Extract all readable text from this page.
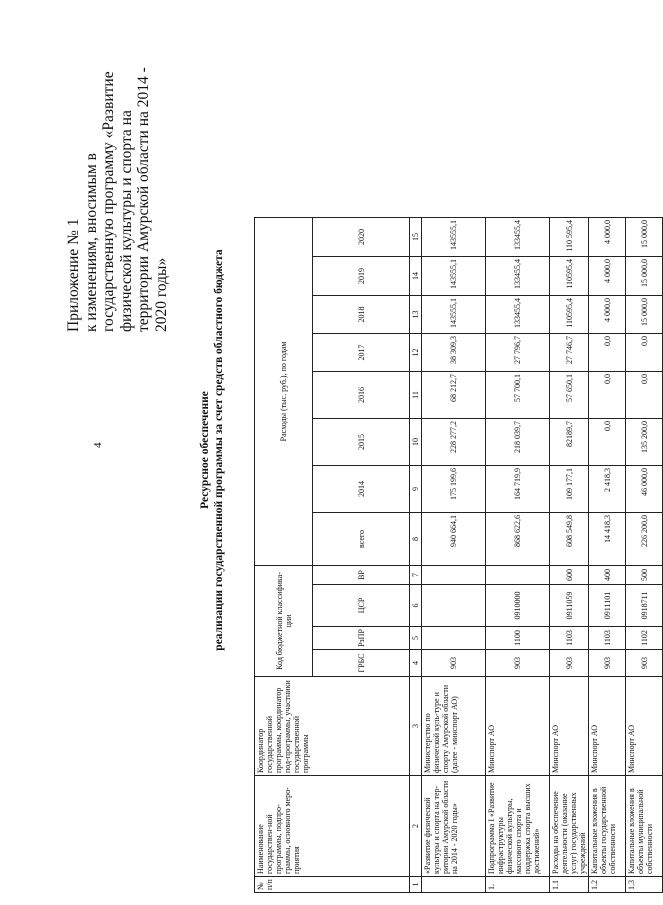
4
Приложение № 1 к изменениям, вносимым в государственную программу «Развитие физической культуры и спорта на территории Амурской области на 2014 - 2020 годы»
Ресурсное обеспечение реализации государственной программы за счет средств областного бюджета
№ п/п	Наименование государствен-ной программы, подпро-граммы, основного меро-приятия	Координатор государственной программы, координатор под-программы, участники государственной программы	Код бюджетной классифика-ции				Расходы (тыс. руб.), по годам							
			ГРБС	РзПР	ЦСР	ВР	всего	2014	2015	2016	2017	2018	2019	2020
1	2	3	4	5	6	7	8	9	10	11	12	13	14	15
	«Развитие физической культуры и спорта на тер-ритории Амурской области на 2014 - 2020 годы»	Министерство по физической куль-туре и спорту Амурской области (далее - минспорт АО)	903				940 664,1	175 199,6	228 277,2	68 212,7	38 309,3	143555,1	143555,1	143555,1
1.	Подпрограмма I «Развитие инфраструктуры физической культуры, массового спорта и поддержка спорта высших достижений»	Минспорт АО	903	1100	0910000		868 622,6	164 719,9	218 039,7	57 700,1	27 796,7	133455,4	133455,4	133455,4
1.1	Расходы на обеспечение деятельности (оказание услуг) государственных учреждений	Минспорт АО	903	1103	0911059	600	608 549,8	109 177,1	82189,7	57 650,1	27 746,7	110595,4	110595,4	110 595,4
1.2	Капитальные вложения в объекты государственной собственности	Минспорт АО	903	1103	0911101	400	14 418,3	2 418,3	0,0	0,0	0,0	4 000,0	4 000,0	4 000,0
1.3	Капитальные вложения в объекты муниципальной собственности	Минспорт АО	903	1102	0918711	500	226 200,0	46 000,0	135 200,0	0,0	0,0	15 000,0	15 000,0	15 000,0
